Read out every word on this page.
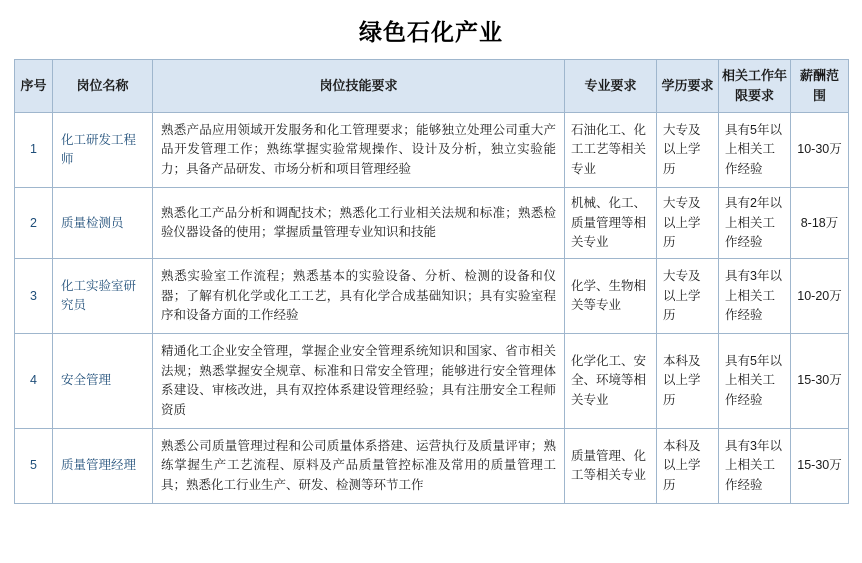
绿色石化产业
序号	岗位名称	岗位技能要求	专业要求	学历要求	相关工作年限要求	薪酬范围
1	化工研发工程师	熟悉产品应用领域开发服务和化工管理要求；能够独立处理公司重大产品开发管理工作；熟练掌握实验常规操作、设计及分析，独立实验能力；具备产品研发、市场分析和项目管理经验	石油化工、化工工艺等相关专业	大专及以上学历	具有5年以上相关工作经验	10-30万
2	质量检测员	熟悉化工产品分析和调配技术；熟悉化工行业相关法规和标准；熟悉检验仪器设备的使用；掌握质量管理专业知识和技能	机械、化工、质量管理等相关专业	大专及以上学历	具有2年以上相关工作经验	8-18万
3	化工实验室研究员	熟悉实验室工作流程；熟悉基本的实验设备、分析、检测的设备和仪器；了解有机化学或化工工艺，具有化学合成基础知识；具有实验室程序和设备方面的工作经验	化学、生物相关等专业	大专及以上学历	具有3年以上相关工作经验	10-20万
4	安全管理	精通化工企业安全管理，掌握企业安全管理系统知识和国家、省市相关法规；熟悉掌握安全规章、标准和日常安全管理；能够进行安全管理体系建设、审核改进，具有双控体系建设管理经验；具有注册安全工程师资质	化学化工、安全、环境等相关专业	本科及以上学历	具有5年以上相关工作经验	15-30万
5	质量管理经理	熟悉公司质量管理过程和公司质量体系搭建、运营执行及质量评审；熟练掌握生产工艺流程、原料及产品质量管控标准及常用的质量管理工具；熟悉化工行业生产、研发、检测等环节工作	质量管理、化工等相关专业	本科及以上学历	具有3年以上相关工作经验	15-30万
